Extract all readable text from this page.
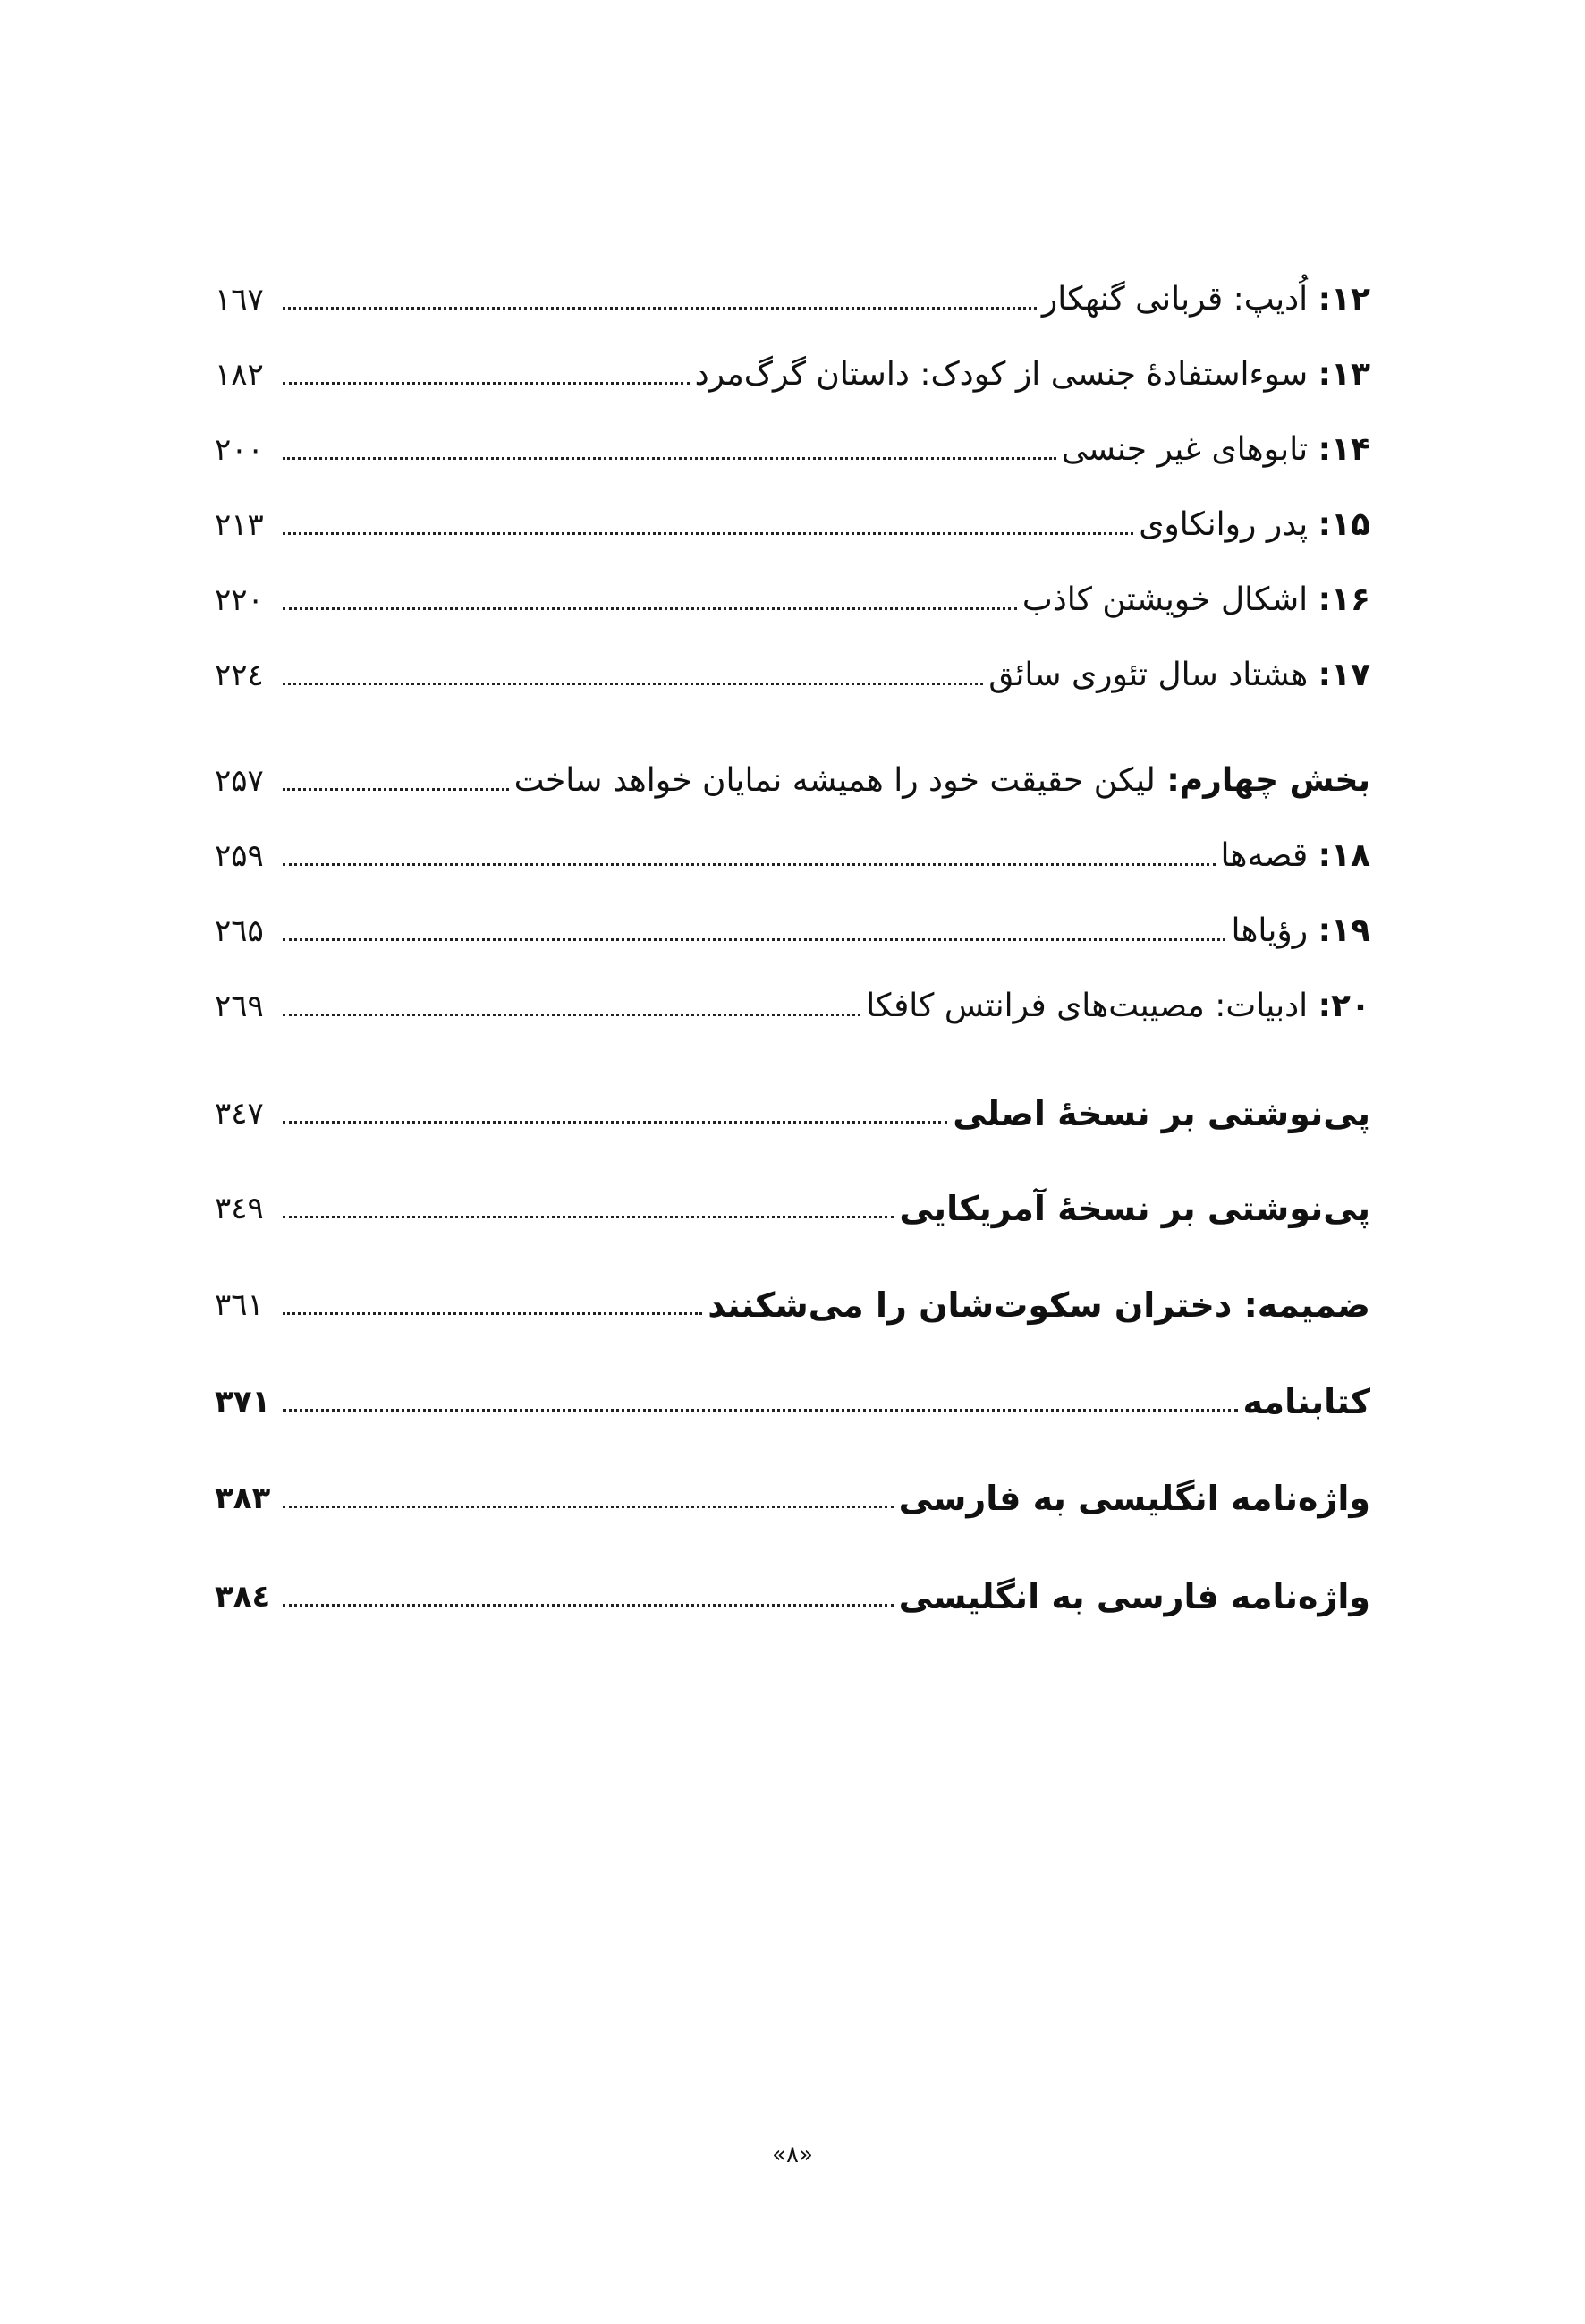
۱۲: اُدیپ: قربانی گنهکار
۱٦۷
۱۳: سوءاستفادهٔ جنسی از کودک: داستان گرگ‌مرد
۱۸۲
۱۴: تابوهای غیر جنسی
۲۰۰
۱۵: پدر روانکاوی
۲۱۳
۱۶: اشکال خویشتن کاذب
۲۲۰
۱۷: هشتاد سال تئوری سائق
۲۲٤
بخش چهارم: لیکن حقیقت خود را همیشه نمایان خواهد ساخت
۲۵۷
۱۸: قصه‌ها
۲۵۹
۱۹: رؤیاها
۲٦۵
۲۰: ادبیات: مصیبت‌های فرانتس کافکا
۲٦۹
پی‌نوشتی بر نسخهٔ اصلی
۳٤۷
پی‌نوشتی بر نسخهٔ آمریکایی
۳٤۹
ضمیمه: دختران سکوت‌شان را می‌شکنند
۳٦۱
کتابنامه
۳۷۱
واژه‌نامه انگلیسی به فارسی
۳۸۳
واژه‌نامه فارسی به انگلیسی
۳۸٤
«۸»
